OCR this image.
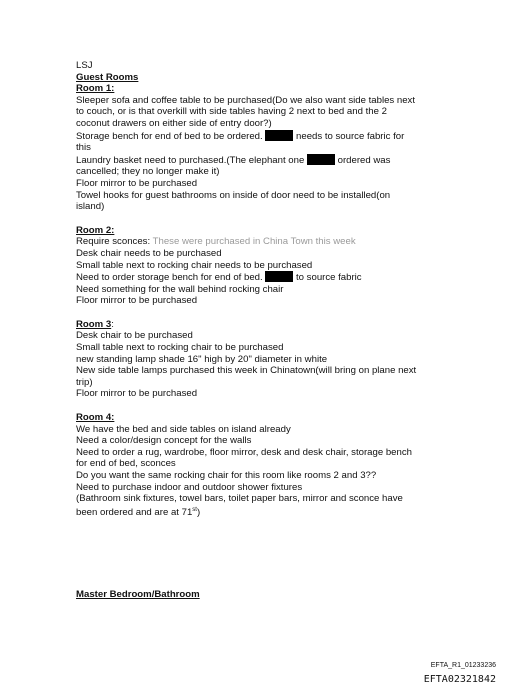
LSJ
Guest Rooms
Room 1:
Sleeper sofa and coffee table to be purchased(Do we also want side tables next
to couch, or is that overkill with side tables having 2 next to bed and the 2
coconut drawers on either side of entry door?)
Storage bench for end of bed to be ordered.	needs to source fabric for
this
Laundry basket need to purchased.(The elephant one	ordered was
cancelled; they no longer make it)
Floor mirror to be purchased
Towel hooks for guest bathrooms on inside of door need to be installed(on
island)
Room 2:
Require sconces: These were purchased in China Town this week
Desk chair needs to be purchased
Small table next to rocking chair needs to be purchased
Need to order storage bench for end of bed.	to source fabric
Need something for the wall behind rocking chair
Floor mirror to be purchased
Room 3:
Desk chair to be purchased
Small table next to rocking chair to be purchased
new standing lamp shade 16" high by 20" diameter in white
New side table lamps purchased this week in Chinatown(will bring on plane next
trip)
Floor mirror to be purchased
Room 4:
We have the bed and side tables on island already
Need a color/design concept for the walls
Need to order a rug, wardrobe, floor mirror, desk and desk chair, storage bench
for end of bed, sconces
Do you want the same rocking chair for this room like rooms 2 and 3??
Need to purchase indoor and outdoor shower fixtures
(Bathroom sink fixtures, towel bars, toilet paper bars, mirror and sconce have
been ordered and are at 71st)
Master Bedroom/Bathroom
EFTA_R1_01233236
EFTA02321842
